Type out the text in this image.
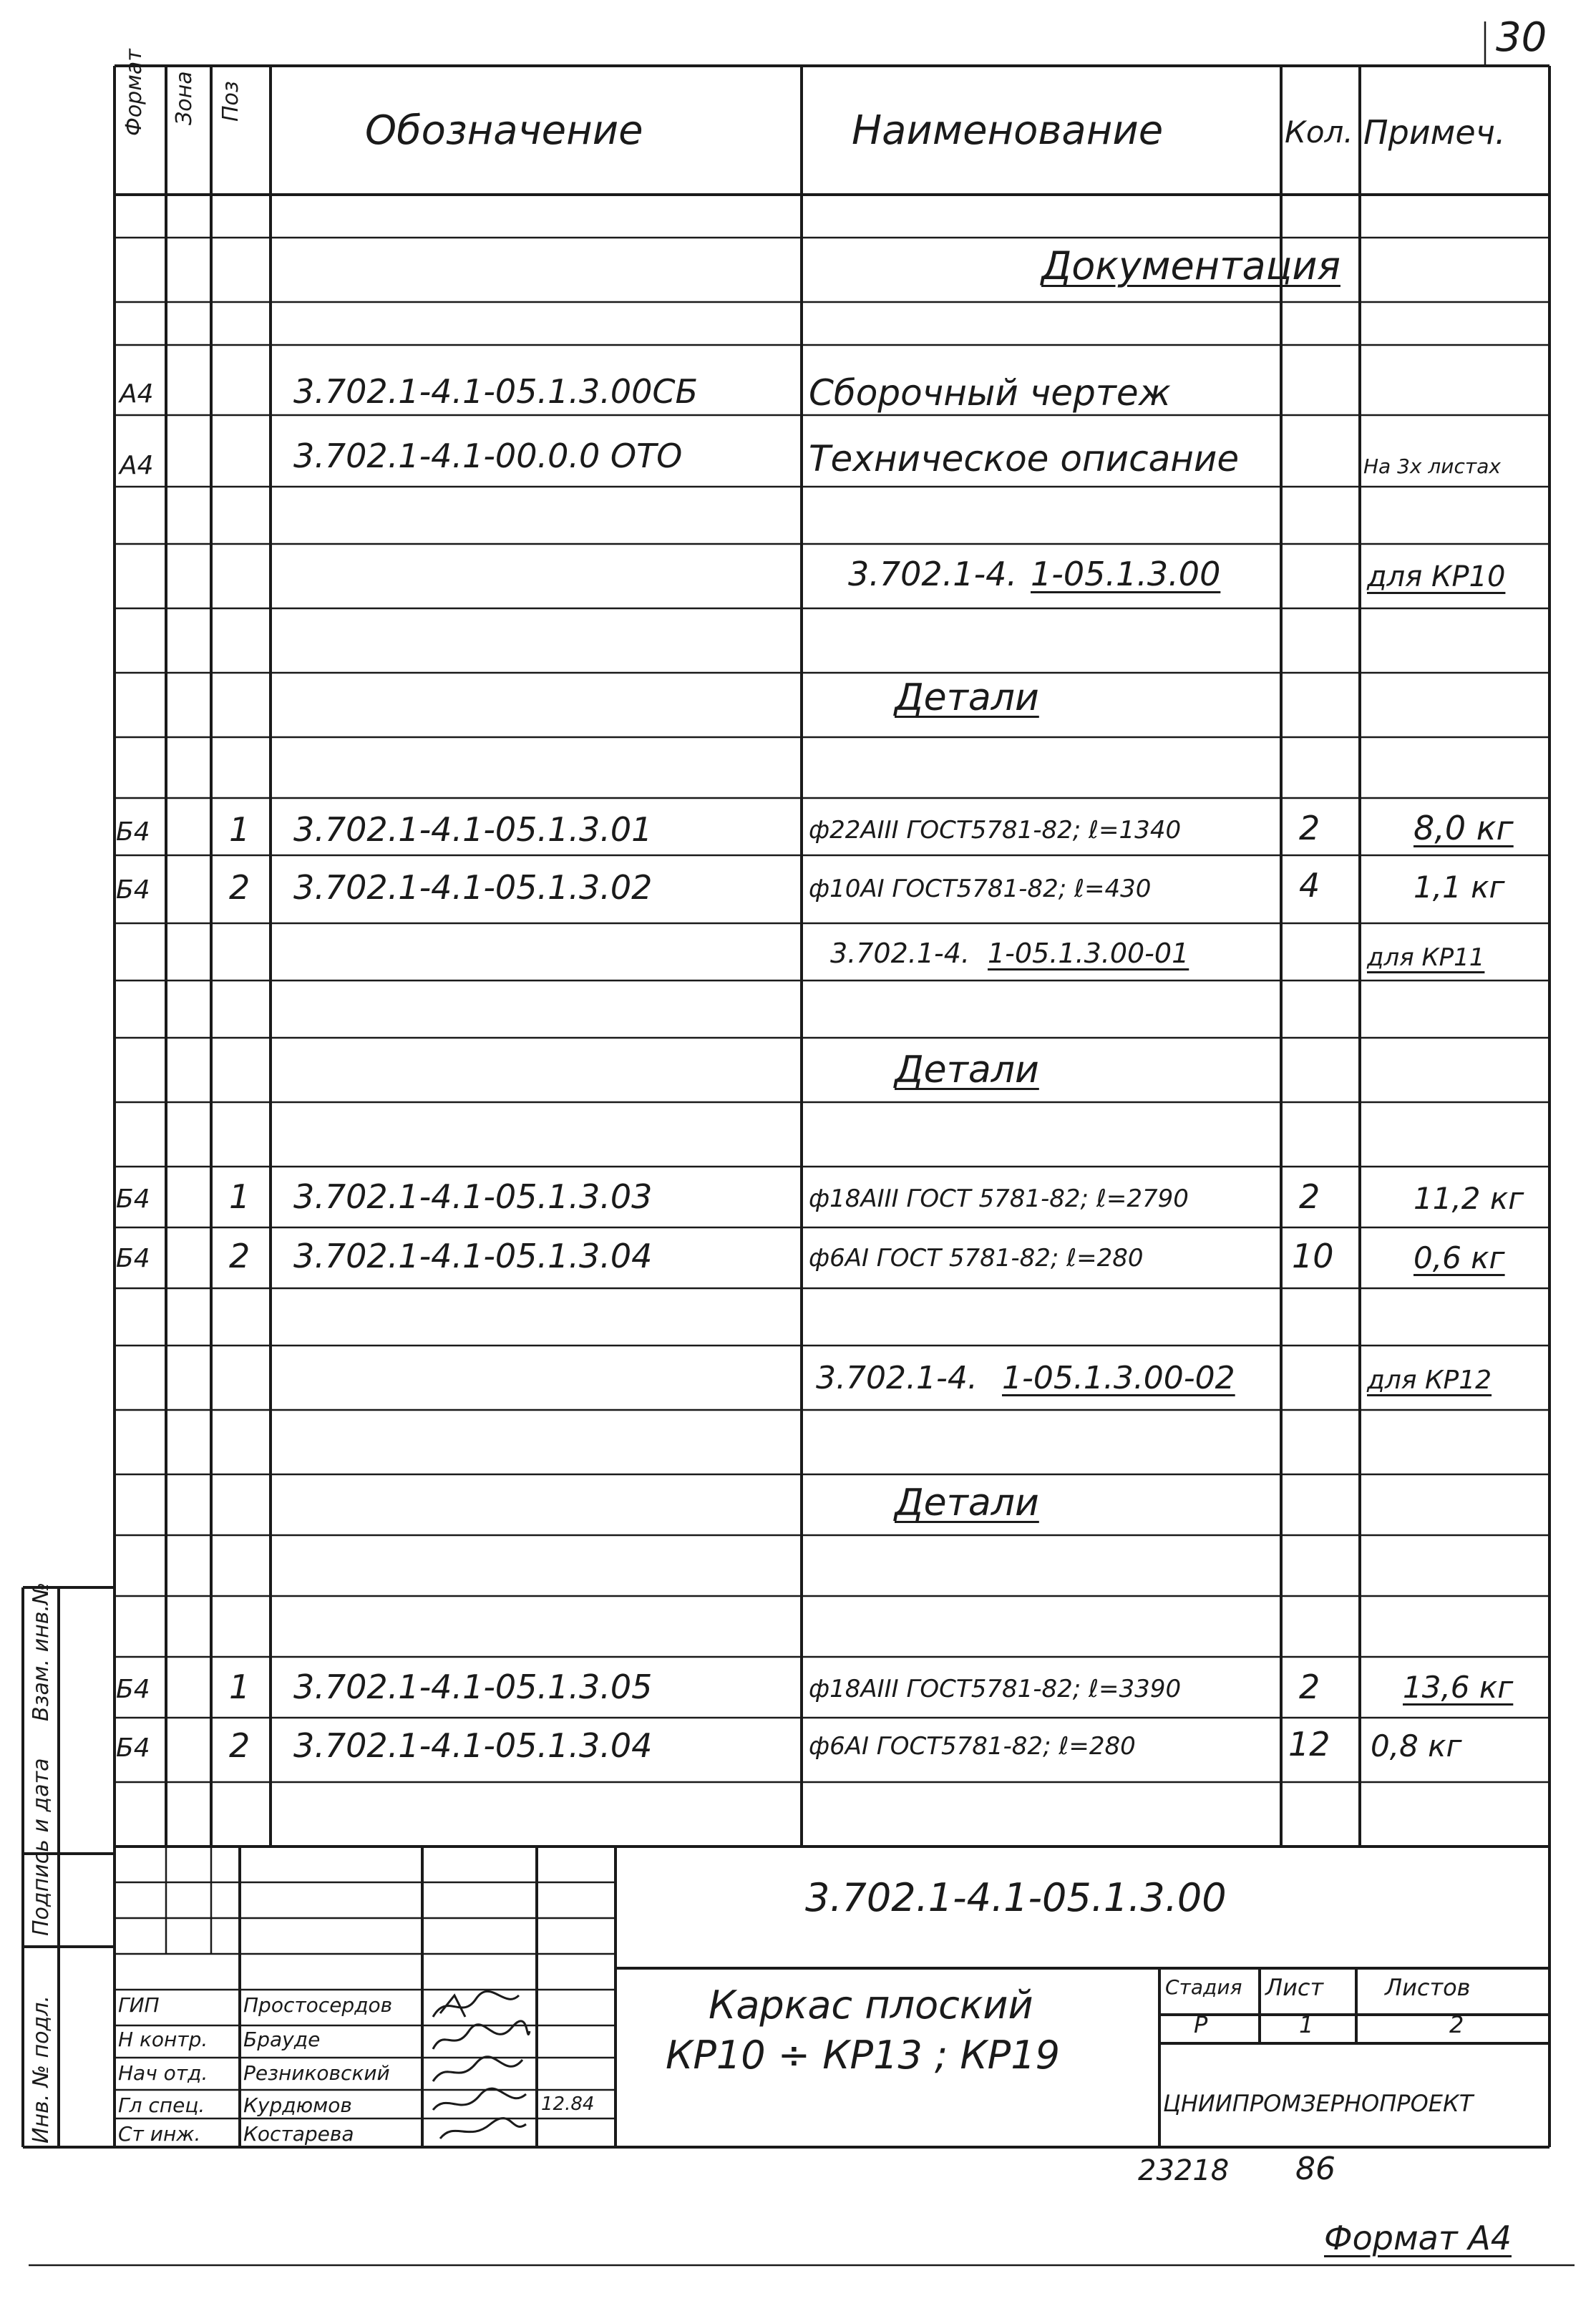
30
Формат Зона Поз
Обозначение	Наименование	Кол. Примеч.
Документация
А4	3.702.1-4.1-05.1.3.00СБ	Сборочный чертеж
А4	3.702.1-4.1-00.0.0 ОТО	Техническое описание	На 3х листах
3.702.1-4. 1-05.1.3.00	для КР10
Детали
Б4 1 3.702.1-4.1-05.1.3.01	ф22АIII ГОСТ5781-82; ℓ=1340	2	8,0 кг
Б4 2 3.702.1-4.1-05.1.3.02	ф10АI ГОСТ5781-82; ℓ=430	4	1,1 кг
3.702.1-4. 1-05.1.3.00-01	для КР11
Детали
Б4 1 3.702.1-4.1-05.1.3.03	ф18АIII ГОСТ 5781-82; ℓ=2790	2	11,2 кг
Б4 2 3.702.1-4.1-05.1.3.04	ф6АI ГОСТ 5781-82; ℓ=280	10	0,6 кг
3.702.1-4. 1-05.1.3.00-02	для КР12
Детали
Б4 1 3.702.1-4.1-05.1.3.05	ф18АIII ГОСТ5781-82; ℓ=3390	2	13,6 кг
Б4 2 3.702.1-4.1-05.1.3.04	ф6АI ГОСТ5781-82; ℓ=280	12 0,8 кг
Взам. инв.№
Подпись и дата
Инв. № подл.
3.702.1-4.1-05.1.3.00
Каркас плоский
КР10 ÷ КР13 ; КР19
Стадия Лист	Листов
Р	1	2
ЦНИИПРОМЗЕРНОПРОЕКТ
ГИП	Простосердов
Н контр. Брауде
Нач отд. Резниковский
Гл спец. Курдюмов
Ст инж. Костарева
12.84
23218 86
Формат А4
